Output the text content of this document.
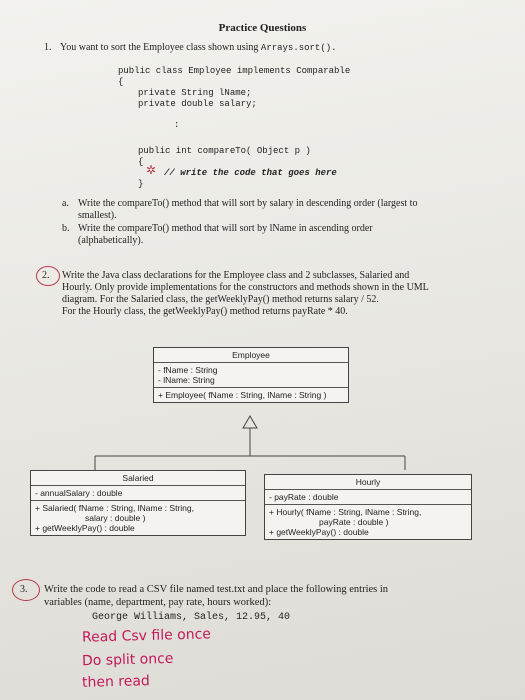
Practice Questions
1. You want to sort the Employee class shown using Arrays.sort().
public class Employee implements Comparable
{
private String lName;
private double salary;
:
public int compareTo( Object p )
{
// write the code that goes here
}
✲
a. Write the compareTo() method that will sort by salary in descending order (largest to
smallest).
b. Write the compareTo() method that will sort by lName in ascending order
(alphabetically).
2. Write the Java class declarations for the Employee class and 2 subclasses, Salaried and
Hourly. Only provide implementations for the constructors and methods shown in the UML
diagram. For the Salaried class, the getWeeklyPay() method returns salary / 52.
For the Hourly class, the getWeeklyPay() method returns payRate * 40.
Employee
- fName : String
- lName: String
+ Employee( fName : String, lName : String )
Salaried
- annualSalary : double
+ Salaried( fName : String, lName : String,
salary : double )
+ getWeeklyPay() : double
Hourly
- payRate : double
+ Hourly( fName : String, lName : String,
payRate : double )
+ getWeeklyPay() : double
3. Write the code to read a CSV file named test.txt and place the following entries in
variables (name, department, pay rate, hours worked):
George Williams, Sales, 12.95, 40
Read Csv file once
Do split once
then read
